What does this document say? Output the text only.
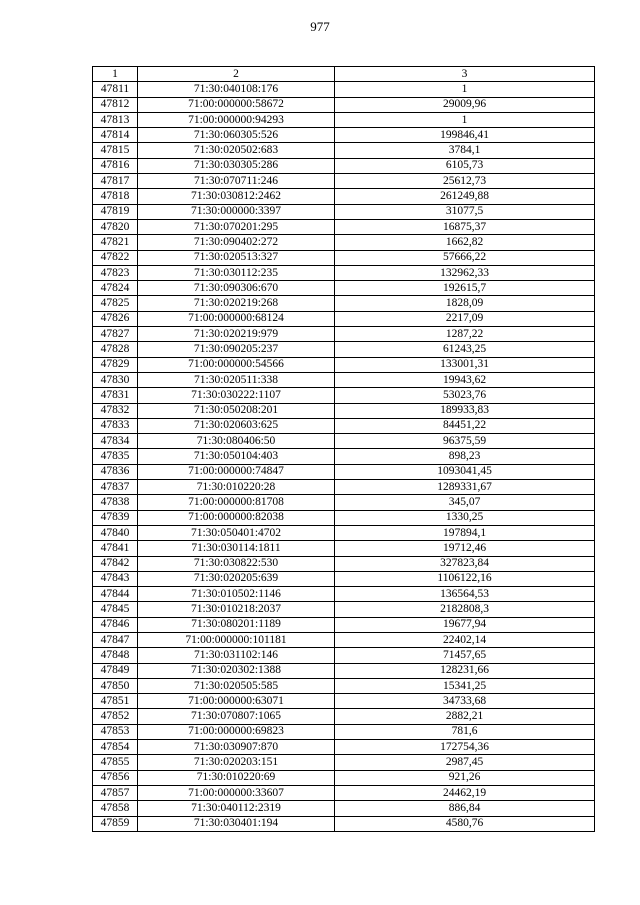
977
1	2	3
47811	71:30:040108:176	1
47812	71:00:000000:58672	29009,96
47813	71:00:000000:94293	1
47814	71:30:060305:526	199846,41
47815	71:30:020502:683	3784,1
47816	71:30:030305:286	6105,73
47817	71:30:070711:246	25612,73
47818	71:30:030812:2462	261249,88
47819	71:30:000000:3397	31077,5
47820	71:30:070201:295	16875,37
47821	71:30:090402:272	1662,82
47822	71:30:020513:327	57666,22
47823	71:30:030112:235	132962,33
47824	71:30:090306:670	192615,7
47825	71:30:020219:268	1828,09
47826	71:00:000000:68124	2217,09
47827	71:30:020219:979	1287,22
47828	71:30:090205:237	61243,25
47829	71:00:000000:54566	133001,31
47830	71:30:020511:338	19943,62
47831	71:30:030222:1107	53023,76
47832	71:30:050208:201	189933,83
47833	71:30:020603:625	84451,22
47834	71:30:080406:50	96375,59
47835	71:30:050104:403	898,23
47836	71:00:000000:74847	1093041,45
47837	71:30:010220:28	1289331,67
47838	71:00:000000:81708	345,07
47839	71:00:000000:82038	1330,25
47840	71:30:050401:4702	197894,1
47841	71:30:030114:1811	19712,46
47842	71:30:030822:530	327823,84
47843	71:30:020205:639	1106122,16
47844	71:30:010502:1146	136564,53
47845	71:30:010218:2037	2182808,3
47846	71:30:080201:1189	19677,94
47847	71:00:000000:101181	22402,14
47848	71:30:031102:146	71457,65
47849	71:30:020302:1388	128231,66
47850	71:30:020505:585	15341,25
47851	71:00:000000:63071	34733,68
47852	71:30:070807:1065	2882,21
47853	71:00:000000:69823	781,6
47854	71:30:030907:870	172754,36
47855	71:30:020203:151	2987,45
47856	71:30:010220:69	921,26
47857	71:00:000000:33607	24462,19
47858	71:30:040112:2319	886,84
47859	71:30:030401:194	4580,76
